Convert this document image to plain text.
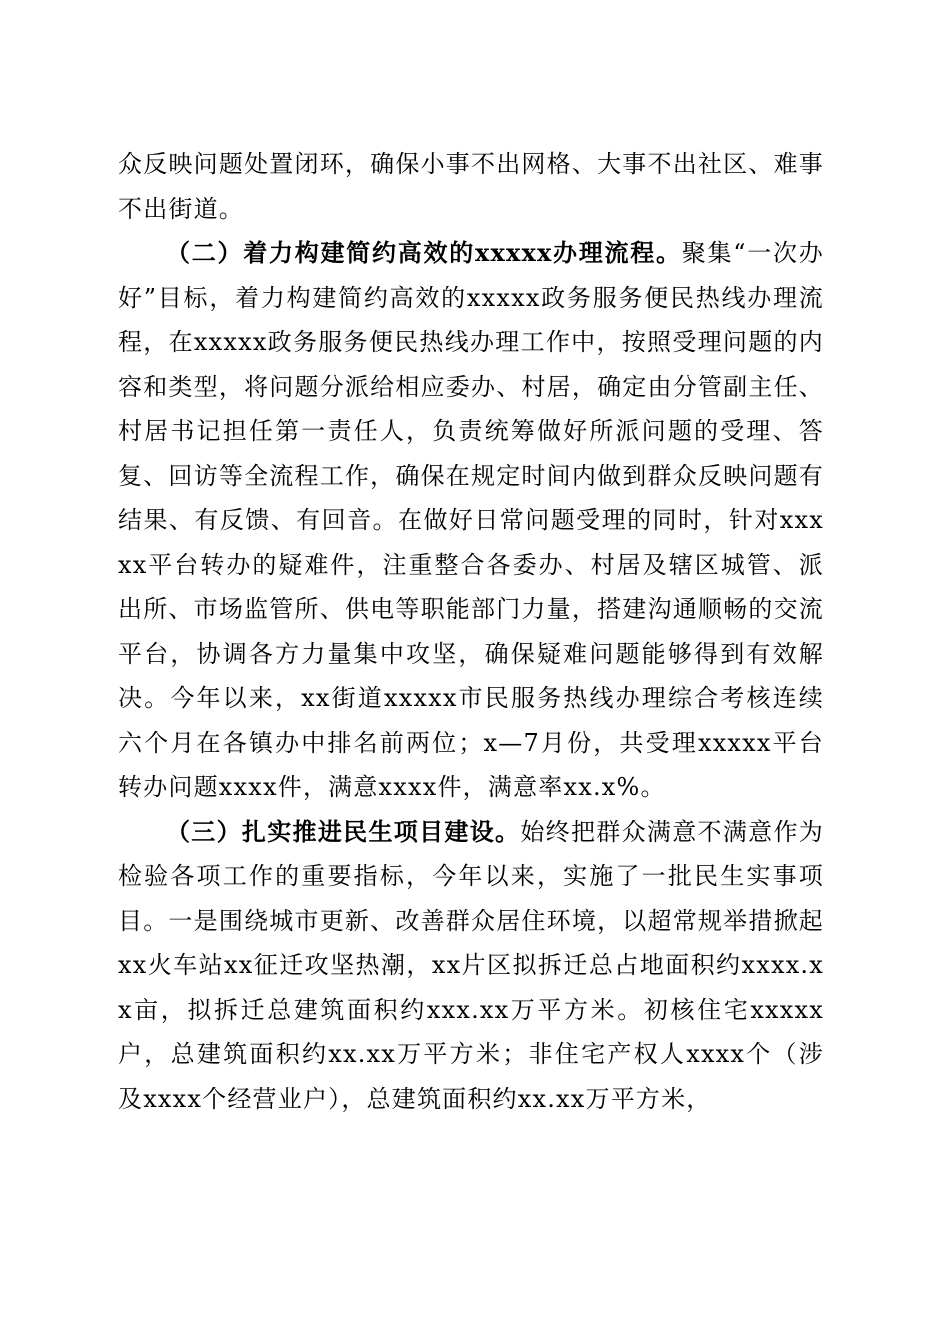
众反映问题处置闭环，确保小事不出网格、大事不出社区、难事不出街道。

（二）着力构建简约高效的xxxxx办理流程。聚集“一次办好”目标，着力构建简约高效的xxxxx政务服务便民热线办理流程，在xxxxx政务服务便民热线办理工作中，按照受理问题的内容和类型，将问题分派给相应委办、村居，确定由分管副主任、村居书记担任第一责任人，负责统筹做好所派问题的受理、答复、回访等全流程工作，确保在规定时间内做到群众反映问题有结果、有反馈、有回音。在做好日常问题受理的同时，针对xxxxx平台转办的疑难件，注重整合各委办、村居及辖区城管、派出所、市场监管所、供电等职能部门力量，搭建沟通顺畅的交流平台，协调各方力量集中攻坚，确保疑难问题能够得到有效解决。今年以来，xx街道xxxxx市民服务热线办理综合考核连续六个月在各镇办中排名前两位；x—7月份，共受理xxxxx平台转办问题xxxx件，满意xxxx件，满意率xx.x%。

（三）扎实推进民生项目建设。始终把群众满意不满意作为检验各项工作的重要指标，今年以来，实施了一批民生实事项目。一是围绕城市更新、改善群众居住环境，以超常规举措掀起xx火车站xx征迁攻坚热潮，xx片区拟拆迁总占地面积约xxxx.xx亩，拟拆迁总建筑面积约xxx.xx万平方米。初核住宅xxxxx户，总建筑面积约xx.xx万平方米；非住宅产权人xxxx个（涉及xxxx个经营业户），总建筑面积约xx.xx万平方米，
